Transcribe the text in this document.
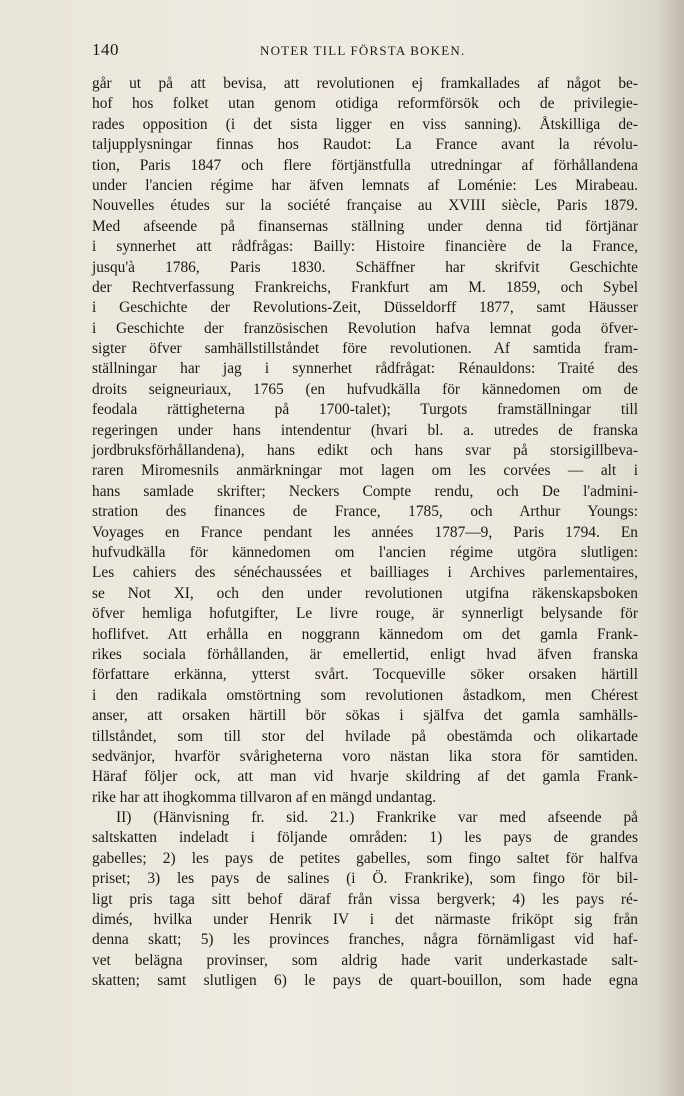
140	NOTER TILL FÖRSTA BOKEN.
går ut på att bevisa, att revolutionen ej framkallades af något be-
hof hos folket utan genom otidiga reformförsök och de privilegie-
rades opposition (i det sista ligger en viss sanning). Åtskilliga de-
taljupplysningar finnas hos Raudot: La France avant la révolu-
tion, Paris 1847 och flere förtjänstfulla utredningar af förhållandena
under l'ancien régime har äfven lemnats af Loménie: Les Mirabeau.
Nouvelles études sur la société française au XVIII siècle, Paris 1879.
Med afseende på finansernas ställning under denna tid förtjänar
i synnerhet att rådfrågas: Bailly: Histoire financière de la France,
jusqu'à 1786, Paris 1830. Schäffner har skrifvit Geschichte
der Rechtverfassung Frankreichs, Frankfurt am M. 1859, och Sybel
i Geschichte der Revolutions-Zeit, Düsseldorff 1877, samt Häusser
i Geschichte der französischen Revolution hafva lemnat goda öfver-
sigter öfver samhällstillståndet före revolutionen. Af samtida fram-
ställningar har jag i synnerhet rådfrågat: Rénauldons: Traité des
droits seigneuriaux, 1765 (en hufvudkälla för kännedomen om de
feodala rättigheterna på 1700-talet); Turgots framställningar till
regeringen under hans intendentur (hvari bl. a. utredes de franska
jordbruksförhållandena), hans edikt och hans svar på storsigillbeva-
raren Miromesnils anmärkningar mot lagen om les corvées — alt i
hans samlade skrifter; Neckers Compte rendu, och De l'admini-
stration des finances de France, 1785, och Arthur Youngs:
Voyages en France pendant les années 1787—9, Paris 1794. En
hufvudkälla för kännedomen om l'ancien régime utgöra slutligen:
Les cahiers des sénéchaussées et bailliages i Archives parlementaires,
se Not XI, och den under revolutionen utgifna räkenskapsboken
öfver hemliga hofutgifter, Le livre rouge, är synnerligt belysande för
hoflifvet. Att erhålla en noggrann kännedom om det gamla Frank-
rikes sociala förhållanden, är emellertid, enligt hvad äfven franska
författare erkänna, ytterst svårt. Tocqueville söker orsaken härtill
i den radikala omstörtning som revolutionen åstadkom, men Chérest
anser, att orsaken härtill bör sökas i själfva det gamla samhälls-
tillståndet, som till stor del hvilade på obestämda och olikartade
sedvänjor, hvarför svårigheterna voro nästan lika stora för samtiden.
Häraf följer ock, att man vid hvarje skildring af det gamla Frank-
rike har att ihogkomma tillvaron af en mängd undantag.
II) (Hänvisning fr. sid. 21.) Frankrike var med afseende på
saltskatten indeladt i följande områden: 1) les pays de grandes
gabelles; 2) les pays de petites gabelles, som fingo saltet för halfva
priset; 3) les pays de salines (i Ö. Frankrike), som fingo för bil-
ligt pris taga sitt behof däraf från vissa bergverk; 4) les pays ré-
dimés, hvilka under Henrik IV i det närmaste friköpt sig från
denna skatt; 5) les provinces franches, några förnämligast vid haf-
vet belägna provinser, som aldrig hade varit underkastade salt-
skatten; samt slutligen 6) le pays de quart-bouillon, som hade egna
